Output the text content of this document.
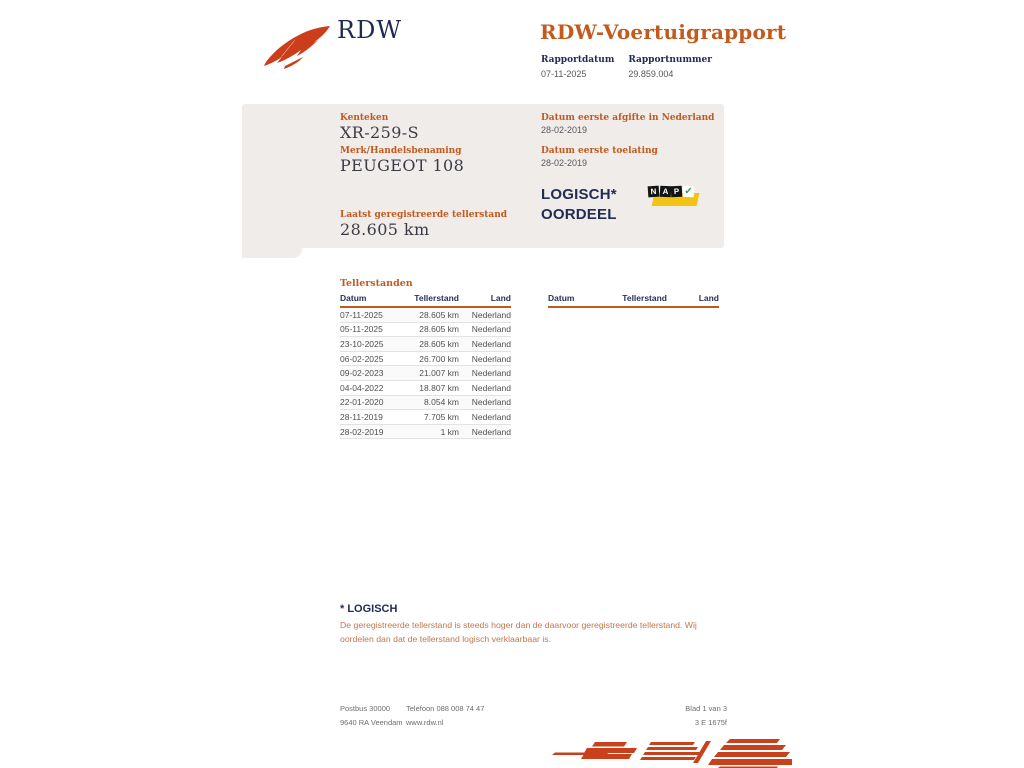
RDW	RDW-Voertuigrapport
Rapportdatum
07-11-2025
Rapportnummer
29.859.004
Kenteken
XR-259-S
Merk/Handelsbenaming
PEUGEOT 108
Laatst geregistreerde tellerstand
28.605 km
Datum eerste afgifte in Nederland
28-02-2019
Datum eerste toelating
28-02-2019
LOGISCH*
OORDEEL
N A P ✓
Tellerstanden
Datum	Tellerstand	Land
07-11-2025	28.605 km	Nederland
05-11-2025	28.605 km	Nederland
23-10-2025	28.605 km	Nederland
06-02-2025	26.700 km	Nederland
09-02-2023	21.007 km	Nederland
04-04-2022	18.807 km	Nederland
22-01-2020	8.054 km	Nederland
28-11-2019	7.705 km	Nederland
28-02-2019	1 km	Nederland
Datum	Tellerstand	Land
* LOGISCH
De geregistreerde tellerstand is steeds hoger dan de daarvoor geregistreerde tellerstand. Wij oordelen dan dat de tellerstand logisch verklaarbaar is.
Postbus 30000
9640 RA Veendam
Telefoon 088 008 74 47
www.rdw.nl
Blad 1 van 3
3 E 1675f
